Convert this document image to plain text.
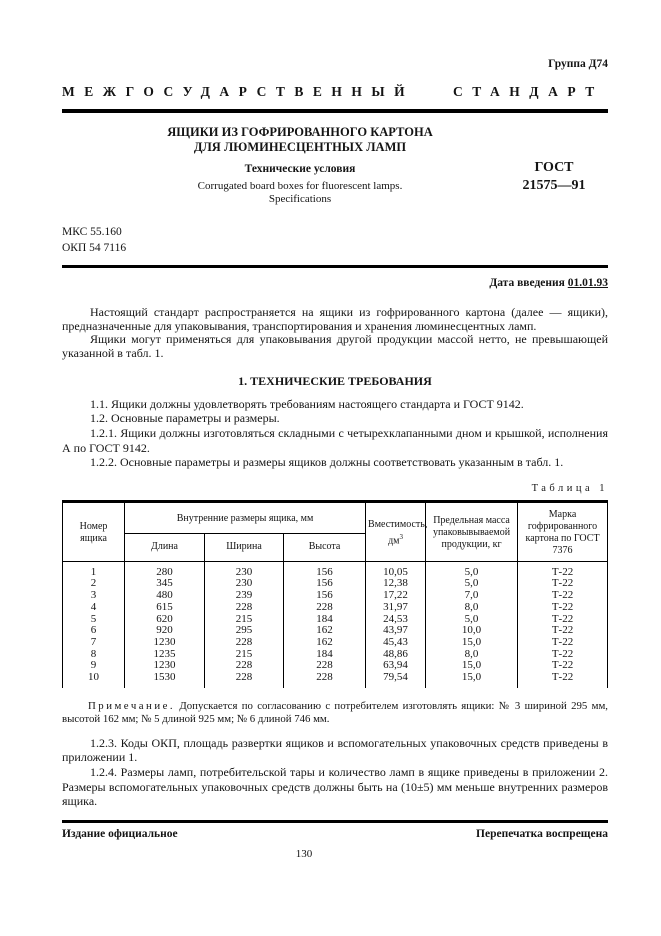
Группа Д74
МЕЖГОСУДАРСТВЕННЫЙ СТАНДАРТ
ЯЩИКИ ИЗ ГОФРИРОВАННОГО КАРТОНА
ДЛЯ ЛЮМИНЕСЦЕНТНЫХ ЛАМП
Технические условия
Corrugated board boxes for fluorescent lamps.
Specifications
ГОСТ
21575—91
МКС 55.160
ОКП 54 7116
Дата введения 01.01.93

Настоящий стандарт распространяется на ящики из гофрированного картона (далее — ящики), предназначенные для упаковывания, транспортирования и хранения люминесцентных ламп.

Ящики могут применяться для упаковывания другой продукции массой нетто, не превышающей указанной в табл. 1.

1. ТЕХНИЧЕСКИЕ ТРЕБОВАНИЯ

1.1. Ящики должны удовлетворять требованиям настоящего стандарта и ГОСТ 9142.

1.2. Основные параметры и размеры.

1.2.1. Ящики должны изготовляться складными с четырехклапанными дном и крышкой, исполнения А по ГОСТ 9142.

1.2.2. Основные параметры и размеры ящиков должны соответствовать указанным в табл. 1.

Таблица 1
Номер ящика	Внутренние размеры ящика, мм			Вместимость, $дм^3$	Предельная масса упаковывываемой продукции, кг	Марка гофрированного картона по ГОСТ 7376
	Длина	Ширина	Высота			
1	280	230	156	10,05	5,0	Т-22
2	345	230	156	12,38	5,0	Т-22
3	480	239	156	17,22	7,0	Т-22
4	615	228	228	31,97	8,0	Т-22
5	620	215	184	24,53	5,0	Т-22
6	920	295	162	43,97	10,0	Т-22
7	1230	228	162	45,43	15,0	Т-22
8	1235	215	184	48,86	8,0	Т-22
9	1230	228	228	63,94	15,0	Т-22
10	1530	228	228	79,54	15,0	Т-22

Примечание. Допускается по согласованию с потребителем изготовлять ящики: № 3 шириной 295 мм, высотой 162 мм; № 5 длиной 925 мм; № 6 длиной 746 мм.

1.2.3. Коды ОКП, площадь развертки ящиков и вспомогательных упаковочных средств приведены в приложении 1.

1.2.4. Размеры ламп, потребительской тары и количество ламп в ящике приведены в приложении 2. Размеры вспомогательных упаковочных средств должны быть на (10±5) мм меньше внутренних размеров ящика.

Издание официальное	Перепечатка воспрещена
130
